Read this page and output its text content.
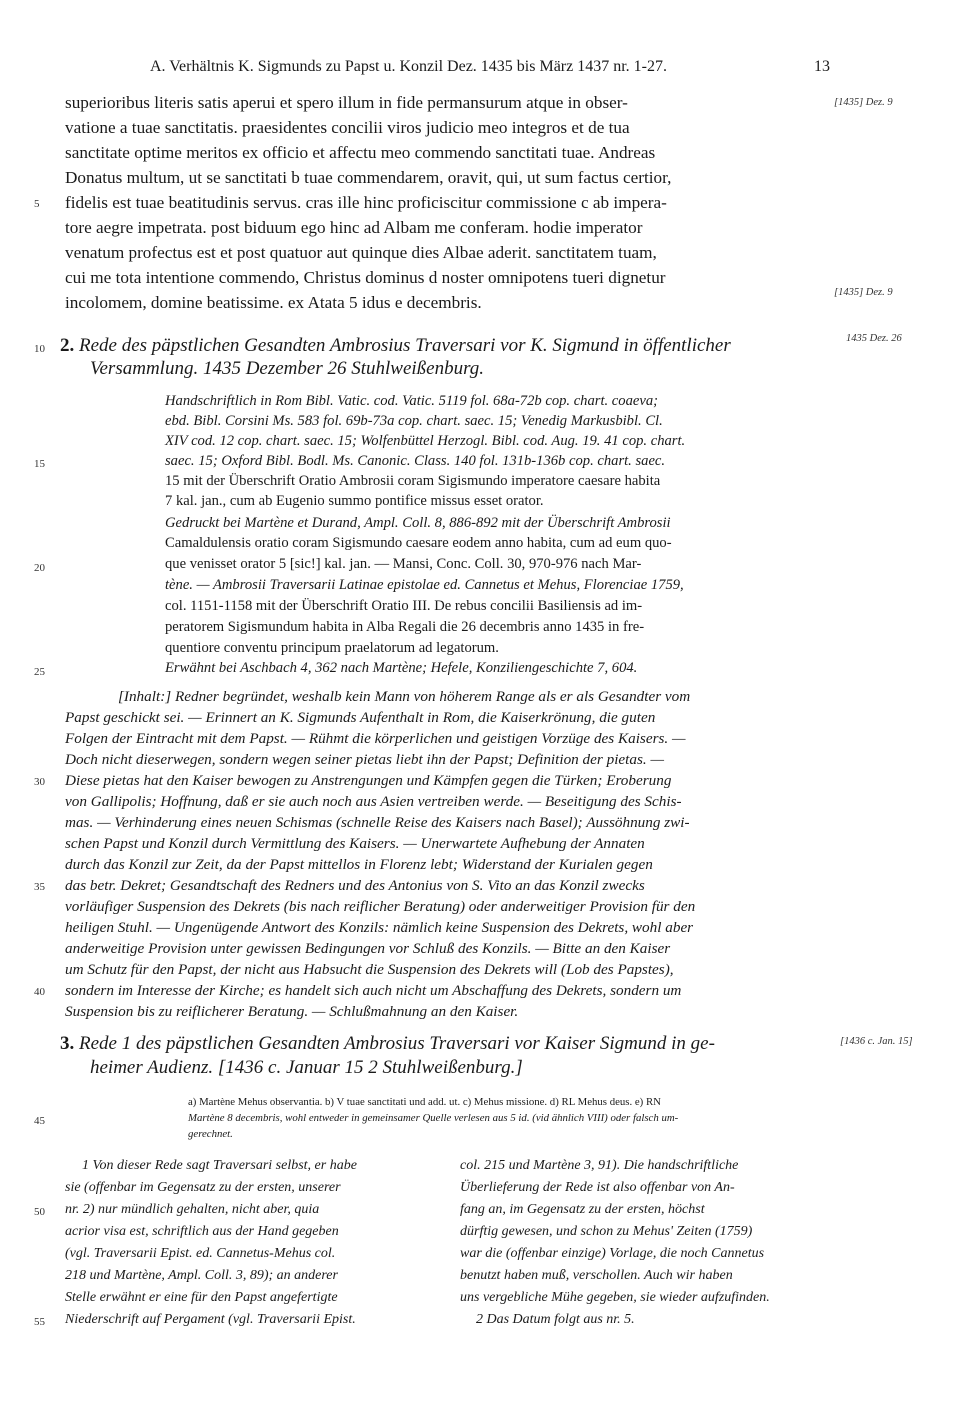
A. Verhältnis K. Sigmunds zu Papst u. Konzil Dez. 1435 bis März 1437 nr. 1-27.	13
[1435] Dez. 9
[1435] Dez. 9
1435 Dez. 26
[1436 c. Jan. 15]
superioribus literis satis aperui et spero illum in fide permansurum atque in obser-
vatione a tuae sanctitatis. praesidentes concilii viros judicio meo integros et de tua
sanctitate optime meritos ex officio et affectu meo commendo sanctitati tuae. Andreas
Donatus multum, ut se sanctitati b tuae commendarem, oravit, qui, ut sum factus certior,
5 fidelis est tuae beatitudinis servus. cras ille hinc proficiscitur commissione c ab impera-
tore aegre impetrata. post biduum ego hinc ad Albam me conferam. hodie imperator
venatum profectus est et post quatuor aut quinque dies Albae aderit. sanctitatem tuam,
cui me tota intentione commendo, Christus dominus d noster omnipotens tueri dignetur
incolomem, domine beatissime. ex Atata 5 idus e decembris.
10 2. Rede des päpstlichen Gesandten Ambrosius Traversari vor K. Sigmund in öffentlicher
Versammlung. 1435 Dezember 26 Stuhlweißenburg.
Handschriftlich in Rom Bibl. Vatic. cod. Vatic. 5119 fol. 68a-72b cop. chart. coaeva;
ebd. Bibl. Corsini Ms. 583 fol. 69b-73a cop. chart. saec. 15; Venedig Markusbibl. Cl.
XIV cod. 12 cop. chart. saec. 15; Wolfenbüttel Herzogl. Bibl. cod. Aug. 19. 41 cop. chart.
15	saec. 15; Oxford Bibl. Bodl. Ms. Canonic. Class. 140 fol. 131b-136b cop. chart. saec.
15 mit der Überschrift Oratio Ambrosii coram Sigismundo imperatore caesare habita
7 kal. jan., cum ab Eugenio summo pontifice missus esset orator.
Gedruckt bei Martène et Durand, Ampl. Coll. 8, 886-892 mit der Überschrift Ambrosii
Camaldulensis oratio coram Sigismundo caesare eodem anno habita, cum ad eum quo-
20	que venisset orator 5 [sic!] kal. jan. — Mansi, Conc. Coll. 30, 970-976 nach Mar-
tène. — Ambrosii Traversarii Latinae epistolae ed. Cannetus et Mehus, Florenciae 1759,
col. 1151-1158 mit der Überschrift Oratio III. De rebus concilii Basiliensis ad im-
peratorem Sigismundum habita in Alba Regali die 26 decembris anno 1435 in fre-
quentiore conventu principum praelatorum ad legatorum.
25	Erwähnt bei Aschbach 4, 362 nach Martène; Hefele, Konziliengeschichte 7, 604.
[Inhalt:] Redner begründet, weshalb kein Mann von höherem Range als er als Gesandter vom
Papst geschickt sei. — Erinnert an K. Sigmunds Aufenthalt in Rom, die Kaiserkrönung, die guten
Folgen der Eintracht mit dem Papst. — Rühmt die körperlichen und geistigen Vorzüge des Kaisers. —
Doch nicht dieserwegen, sondern wegen seiner pietas liebt ihn der Papst; Definition der pietas. —
30 Diese pietas hat den Kaiser bewogen zu Anstrengungen und Kämpfen gegen die Türken; Eroberung
von Gallipolis; Hoffnung, daß er sie auch noch aus Asien vertreiben werde. — Beseitigung des Schis-
mas. — Verhinderung eines neuen Schismas (schnelle Reise des Kaisers nach Basel); Aussöhnung zwi-
schen Papst und Konzil durch Vermittlung des Kaisers. — Unerwartete Aufhebung der Annaten
durch das Konzil zur Zeit, da der Papst mittellos in Florenz lebt; Widerstand der Kurialen gegen
35 das betr. Dekret; Gesandtschaft des Redners und des Antonius von S. Vito an das Konzil zwecks
vorläufiger Suspension des Dekrets (bis nach reiflicher Beratung) oder anderweitiger Provision für den
heiligen Stuhl. — Ungenügende Antwort des Konzils: nämlich keine Suspension des Dekrets, wohl aber
anderweitige Provision unter gewissen Bedingungen vor Schluß des Konzils. — Bitte an den Kaiser
um Schutz für den Papst, der nicht aus Habsucht die Suspension des Dekrets will (Lob des Papstes),
40 sondern im Interesse der Kirche; es handelt sich auch nicht um Abschaffung des Dekrets, sondern um
Suspension bis zu reiflicherer Beratung. — Schlußmahnung an den Kaiser.
3. Rede 1 des päpstlichen Gesandten Ambrosius Traversari vor Kaiser Sigmund in ge-
heimer Audienz. [1436 c. Januar 15 2 Stuhlweißenburg.]
a) Martène Mehus observantia. b) V tuae sanctitati und add. ut. c) Mehus missione. d) RL Mehus deus. e) RN
45	Martène 8 decembris, wohl entweder in gemeinsamer Quelle verlesen aus 5 id. (vid ähnlich VIII) oder falsch um-
gerechnet.
1 Von dieser Rede sagt Traversari selbst, er habe
sie (offenbar im Gegensatz zu der ersten, unserer
50 nr. 2) nur mündlich gehalten, nicht aber, quia
acrior visa est, schriftlich aus der Hand gegeben
(vgl. Traversarii Epist. ed. Cannetus-Mehus col.
218 und Martène, Ampl. Coll. 3, 89); an anderer
Stelle erwähnt er eine für den Papst angefertigte
55 Niederschrift auf Pergament (vgl. Traversarii Epist.
col. 215 und Martène 3, 91). Die handschriftliche
Überlieferung der Rede ist also offenbar von An-
fang an, im Gegensatz zu der ersten, höchst
dürftig gewesen, und schon zu Mehus' Zeiten (1759)
war die (offenbar einzige) Vorlage, die noch Cannetus
benutzt haben muß, verschollen. Auch wir haben
uns vergebliche Mühe gegeben, sie wieder aufzufinden.
2 Das Datum folgt aus nr. 5.
